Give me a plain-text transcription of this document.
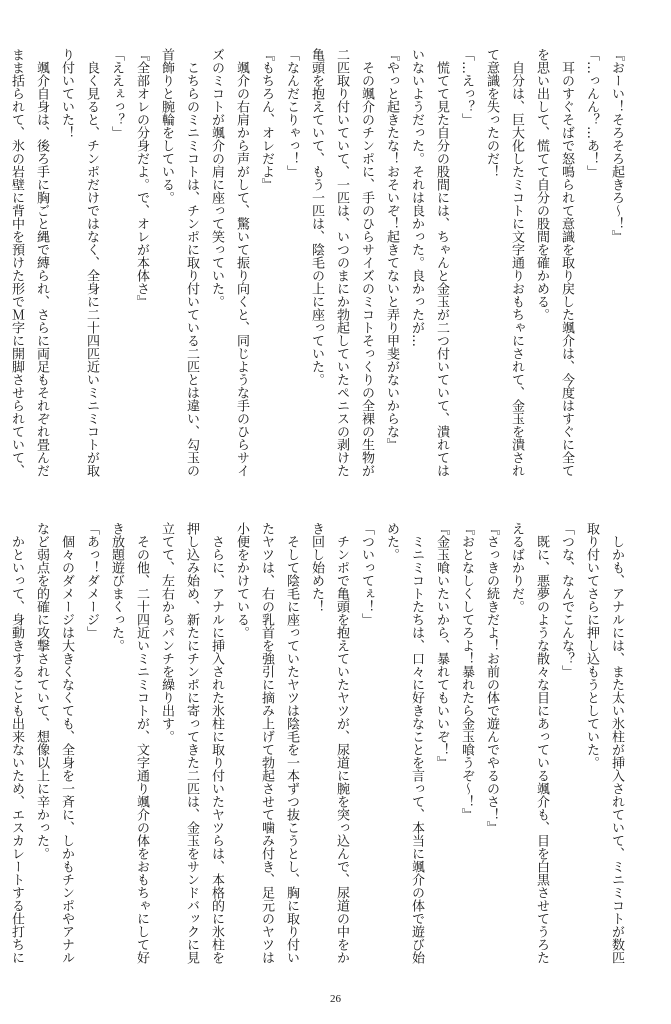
『おーい！そろそろ起きろ～！』

「…っんん？…あ！」

　耳のすぐそばで怒鳴られて意識を取り戻した颯介は、今度はすぐに全てを思い出して、慌てて自分の股間を確かめる。

　自分は、巨大化したミコトに文字通りおもちゃにされて、金玉を潰されて意識を失ったのだ！

「…えっ？」

　慌てて見た自分の股間には、ちゃんと金玉が二つ付いていて、潰れてはいないようだった。それは良かった。良かったが…

『やっと起きたな！おそいぞ！起きてないと弄り甲斐がないからな』

　その颯介のチンポに、手のひらサイズのミコトそっくりの全裸の生物が二匹取り付いていて、一匹は、いつのまにか勃起していたペニスの剥けた亀頭を抱えていて、もう一匹は、陰毛の上に座っていた。

「なんだこりゃっ！」

『もちろん、オレだよ』

　颯介の右肩から声がして、驚いて振り向くと、同じような手のひらサイズのミコトが颯介の肩に座って笑っていた。

　こちらのミニミコトは、チンポに取り付いている二匹とは違い、勾玉の首飾りと腕輪をしている。

『全部オレの分身だよ。で、オレが本体さ』

「ええぇっ？」

　良く見ると、チンポだけではなく、全身に二十四匹近いミニミコトが取り付いていた！

　颯介自身は、後ろ手に胸ごと縄で縛られ、さらに両足もそれぞれ畳んだまま括られて、氷の岩壁に背中を預けた形でＭ字に開脚させられていて、

　しかも、アナルには、また太い氷柱が挿入されていて、ミニミコトが数匹取り付いてさらに押し込もうとしていた。

「つな、なんでこんな？」

　既に、悪夢のような散々な目にあっている颯介も、目を白黒させてうろたえるばかりだ。

『さっきの続きだよ！お前の体で遊んでやるのさ！』

『おとなしくしてろよ！暴れたら金玉喰うぞ～！』

『金玉喰いたいから、暴れてもいいぞ！』

　ミニミコトたちは、口々に好きなことを言って、本当に颯介の体で遊び始めた。

「ついってぇ！」

　チンポで亀頭を抱えていたヤツが、尿道に腕を突っ込んで、尿道の中をかき回し始めた！

　そして陰毛に座っていたヤツは陰毛を一本ずつ抜こうとし、胸に取り付いたヤツは、右の乳首を強引に摘み上げて勃起させて噛み付き、足元のヤツは小便をかけている。

　さらに、アナルに挿入された氷柱に取り付いたヤツらは、本格的に氷柱を押し込み始め、新たにチンポに寄ってきた二匹は、金玉をサンドバックに見立てて、左右からパンチを繰り出す。

　その他、二十四近いミニミコトが、文字通り颯介の体をおもちゃにして好き放題遊びまくった。

「あっ！ダメージ」

　個々のダメージは大きくなくても、全身を一斉に、しかもチンポやアナルなど弱点を的確に攻撃されていて、想像以上に辛かった。

　かといって、身動きすることも出来ないため、エスカレートする仕打ちに

26
